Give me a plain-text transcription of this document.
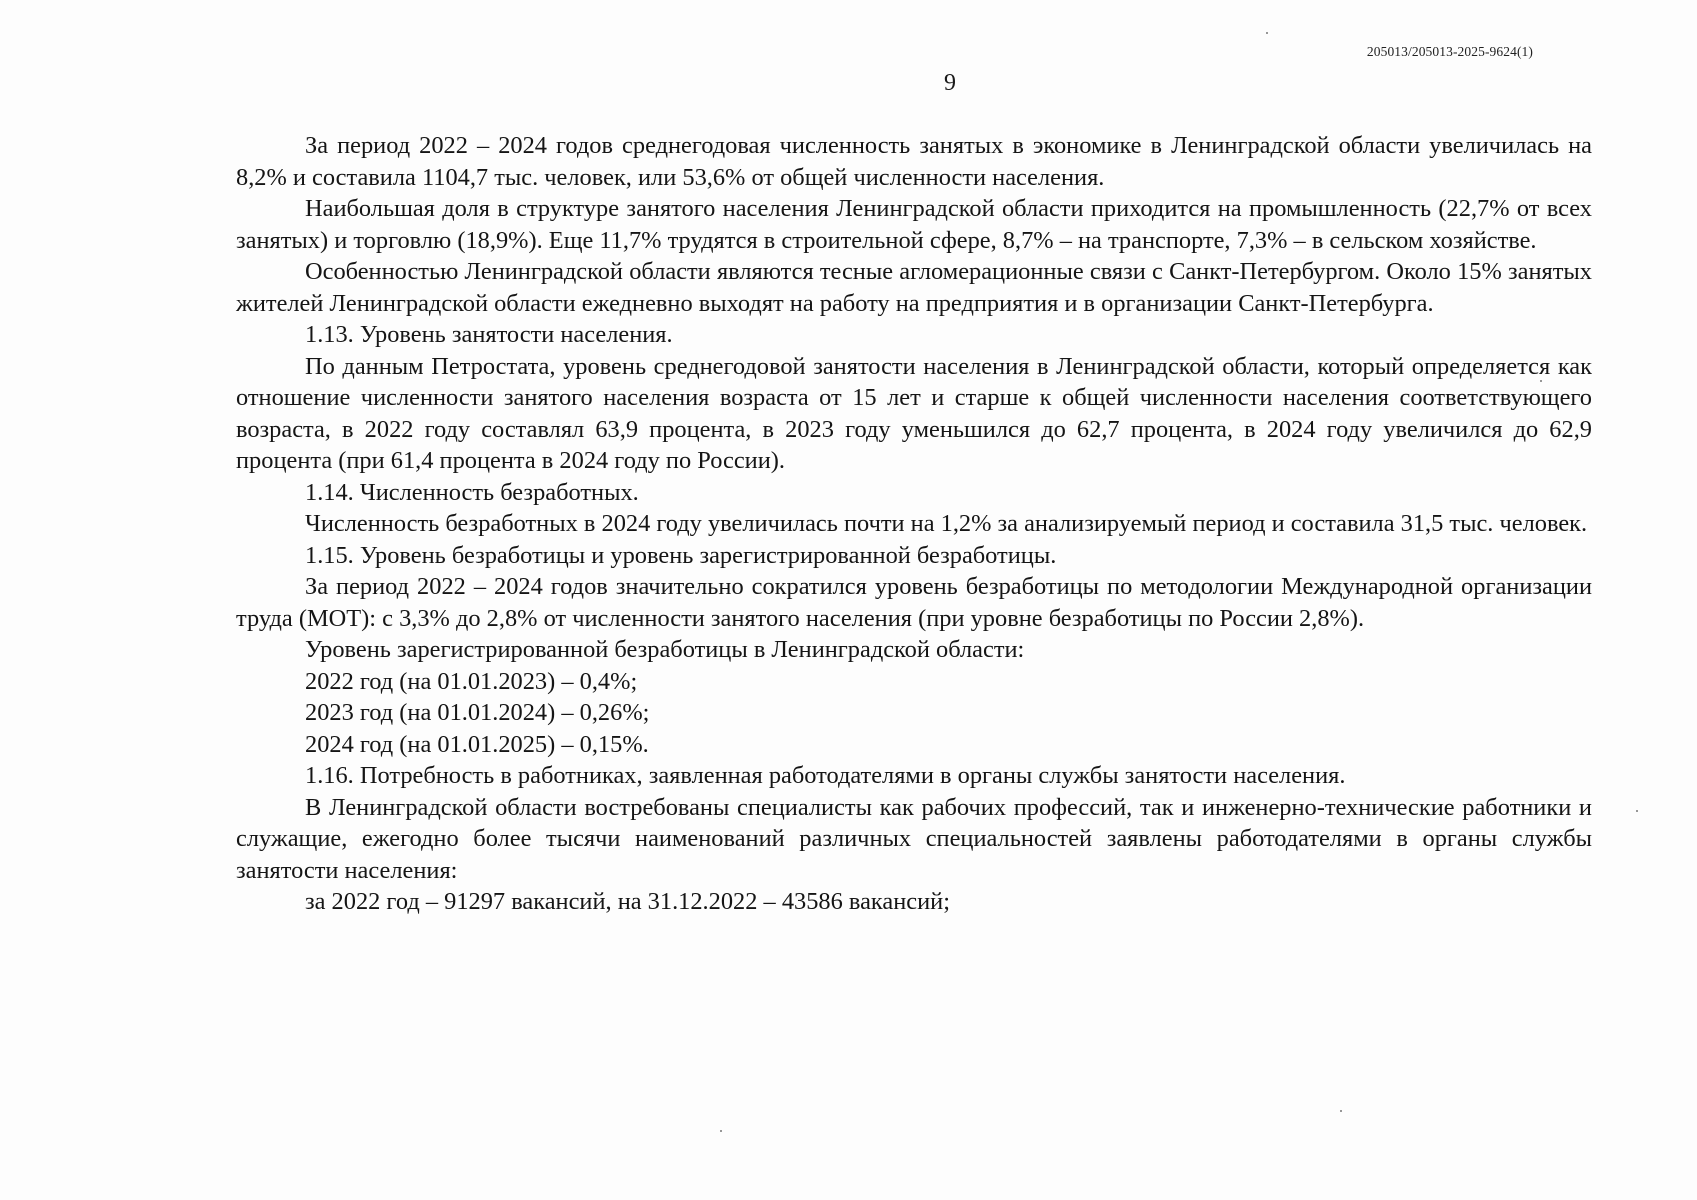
205013/205013-2025-9624(1)
9

За период 2022 – 2024 годов среднегодовая численность занятых в экономике в Ленинградской области увеличилась на 8,2% и составила 1104,7 тыс. человек, или 53,6% от общей численности населения.

Наибольшая доля в структуре занятого населения Ленинградской области приходится на промышленность (22,7% от всех занятых) и торговлю (18,9%). Еще 11,7% трудятся в строительной сфере, 8,7% – на транспорте, 7,3% – в сельском хозяйстве.

Особенностью Ленинградской области являются тесные агломерационные связи с Санкт-Петербургом. Около 15% занятых жителей Ленинградской области ежедневно выходят на работу на предприятия и в организации Санкт-Петербурга.

1.13. Уровень занятости населения.

По данным Петростата, уровень среднегодовой занятости населения в Ленинградской области, который определяется как отношение численности занятого населения возраста от 15 лет и старше к общей численности населения соответствующего возраста, в 2022 году составлял 63,9 процента, в 2023 году уменьшился до 62,7 процента, в 2024 году увеличился до 62,9 процента (при 61,4 процента в 2024 году по России).

1.14. Численность безработных.

Численность безработных в 2024 году увеличилась почти на 1,2% за анализируемый период и составила 31,5 тыс. человек.

1.15. Уровень безработицы и уровень зарегистрированной безработицы.

За период 2022 – 2024 годов значительно сократился уровень безработицы по методологии Международной организации труда (МОТ): с 3,3% до 2,8% от численности занятого населения (при уровне безработицы по России 2,8%).

Уровень зарегистрированной безработицы в Ленинградской области:

2022 год (на 01.01.2023) – 0,4%;

2023 год (на 01.01.2024) – 0,26%;

2024 год (на 01.01.2025) – 0,15%.

1.16. Потребность в работниках, заявленная работодателями в органы службы занятости населения.

В Ленинградской области востребованы специалисты как рабочих профессий, так и инженерно-технические работники и служащие, ежегодно более тысячи наименований различных специальностей заявлены работодателями в органы службы занятости населения:

за 2022 год – 91297 вакансий, на 31.12.2022 – 43586 вакансий;
